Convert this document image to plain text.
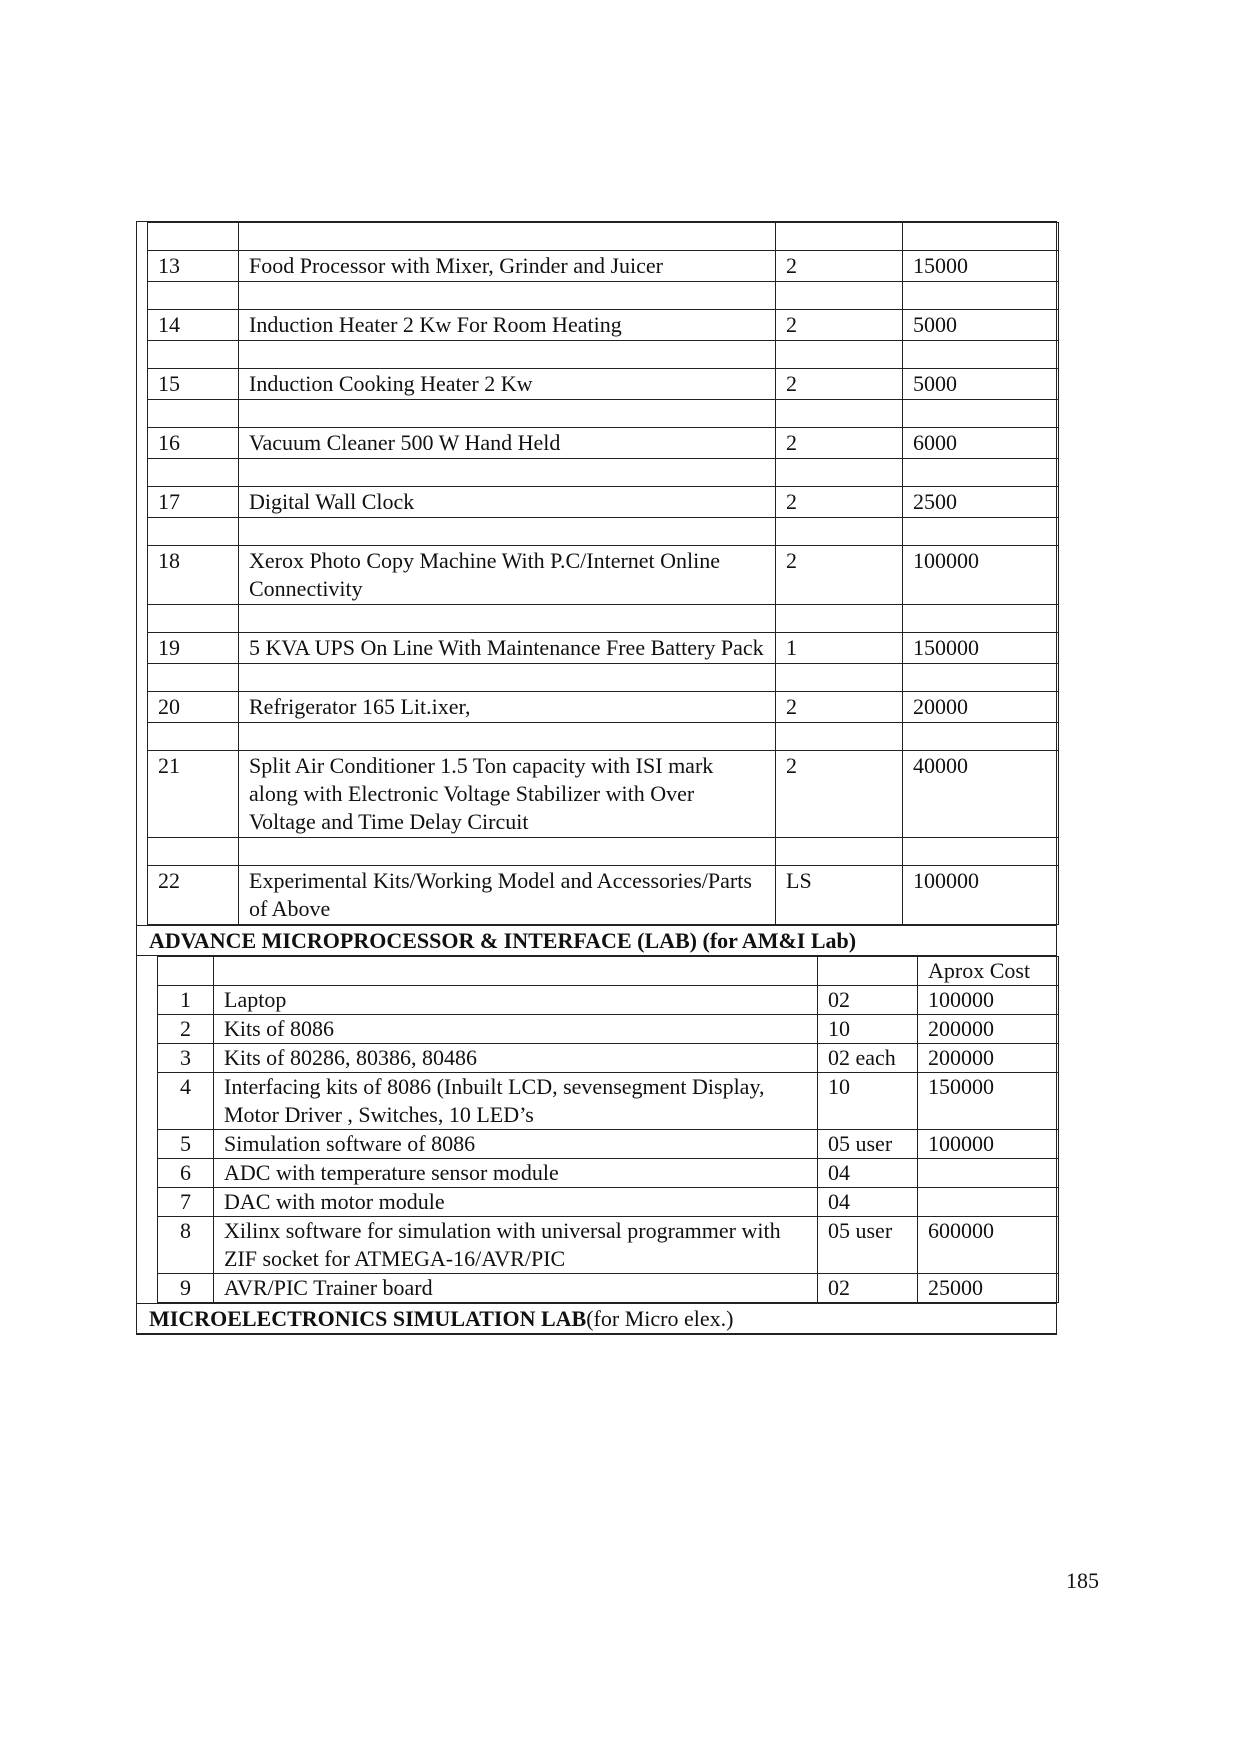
13	Food Processor with Mixer, Grinder and Juicer	2	15000

14	Induction Heater 2 Kw For Room Heating	2	5000

15	Induction Cooking Heater 2 Kw	2	5000

16	Vacuum Cleaner 500 W Hand Held	2	6000

17	Digital Wall Clock	2	2500

18	Xerox Photo Copy Machine With P.C/Internet Online Connectivity	2	100000

19	5 KVA UPS On Line With Maintenance Free Battery Pack	1	150000

20	Refrigerator 165 Lit.ixer,	2	20000

21	Split Air Conditioner 1.5 Ton capacity with ISI mark along with Electronic Voltage Stabilizer with Over Voltage and Time Delay Circuit	2	40000

22	Experimental Kits/Working Model and Accessories/Parts of Above	LS	100000
ADVANCE MICROPROCESSOR & INTERFACE (LAB) (for AM&I Lab)
			Aprox Cost
1	Laptop	02	100000
2	Kits of 8086	10	200000
3	Kits of 80286, 80386, 80486	02 each	200000
4	Interfacing kits of 8086 (Inbuilt LCD, sevensegment Display, Motor Driver , Switches, 10 LED’s	10	150000
5	Simulation software of 8086	05 user	100000
6	ADC with temperature sensor module	04	
7	DAC with motor module	04	
8	Xilinx software for simulation with universal programmer with ZIF socket for ATMEGA-16/AVR/PIC	05 user	600000
9	AVR/PIC Trainer board	02	25000
MICROELECTRONICS SIMULATION LAB(for Micro elex.)
185
